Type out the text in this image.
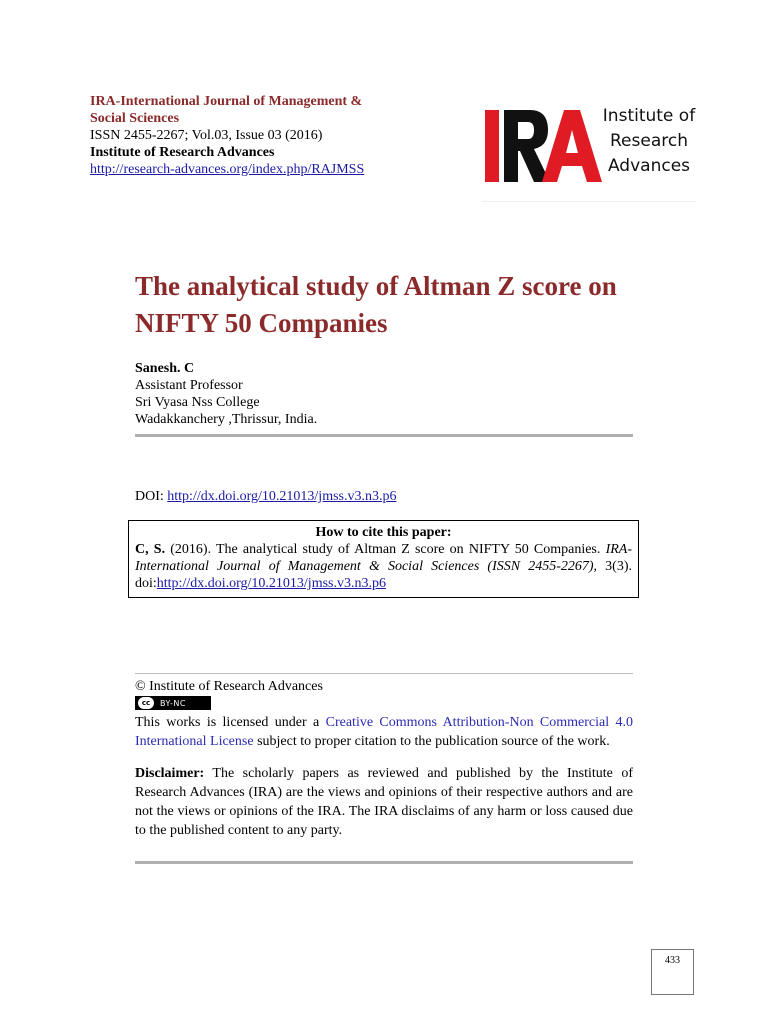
IRA-International Journal of Management & Social Sciences
ISSN 2455-2267; Vol.03, Issue 03 (2016)
Institute of Research Advances
http://research-advances.org/index.php/RAJMSS
Institute of
Research
Advances
The analytical study of Altman Z score on
NIFTY 50 Companies
Sanesh. C
Assistant Professor
Sri Vyasa Nss College
Wadakkanchery ,Thrissur, India.
DOI: http://dx.doi.org/10.21013/jmss.v3.n3.p6
How to cite this paper:
C, S. (2016). The analytical study of Altman Z score on NIFTY 50 Companies. IRA-International Journal of Management & Social Sciences (ISSN 2455-2267), 3(3). doi:http://dx.doi.org/10.21013/jmss.v3.n3.p6
© Institute of Research Advances
cc	BY-NC
This works is licensed under a Creative Commons Attribution-Non Commercial 4.0 International License subject to proper citation to the publication source of the work.
Disclaimer: The scholarly papers as reviewed and published by the Institute of Research Advances (IRA) are the views and opinions of their respective authors and are not the views or opinions of the IRA. The IRA disclaims of any harm or loss caused due to the published content to any party.
433
